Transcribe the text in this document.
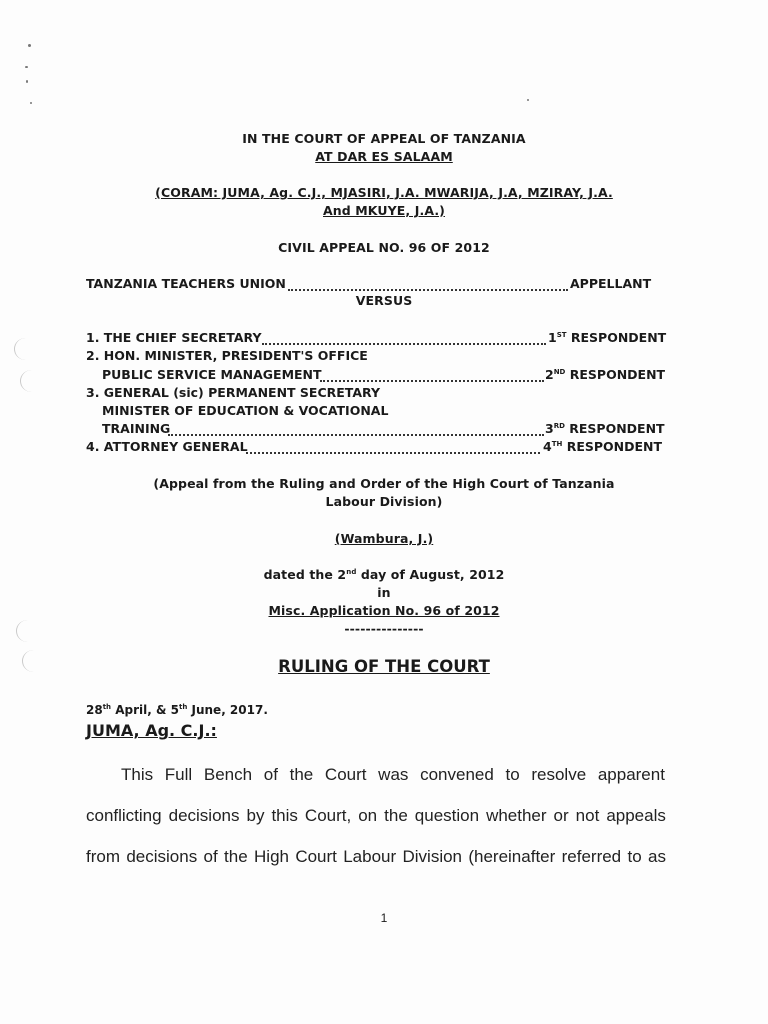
IN THE COURT OF APPEAL OF TANZANIA
AT DAR ES SALAAM
(CORAM: JUMA, Ag. C.J., MJASIRI, J.A. MWARIJA, J.A, MZIRAY, J.A.
And MKUYE, J.A.)
CIVIL APPEAL NO. 96 OF 2012
TANZANIA TEACHERS UNION	APPELLANT
VERSUS
1. THE CHIEF SECRETARY	1ST RESPONDENT
2. HON. MINISTER, PRESIDENT'S OFFICE
PUBLIC SERVICE MANAGEMENT	2ND RESPONDENT
3. GENERAL (sic) PERMANENT SECRETARY
MINISTER OF EDUCATION & VOCATIONAL
TRAINING	3RD RESPONDENT
4. ATTORNEY GENERAL	4TH RESPONDENT
(Appeal from the Ruling and Order of the High Court of Tanzania
Labour Division)
(Wambura, J.)
dated the 2nd day of August, 2012
in
Misc. Application No. 96 of 2012
---------------
RULING OF THE COURT
28th April, & 5th June, 2017.
JUMA, Ag. C.J.:
This Full Bench of the Court was convened to resolve apparent
conflicting decisions by this Court, on the question whether or not appeals
from decisions of the High Court Labour Division (hereinafter referred to as
1
